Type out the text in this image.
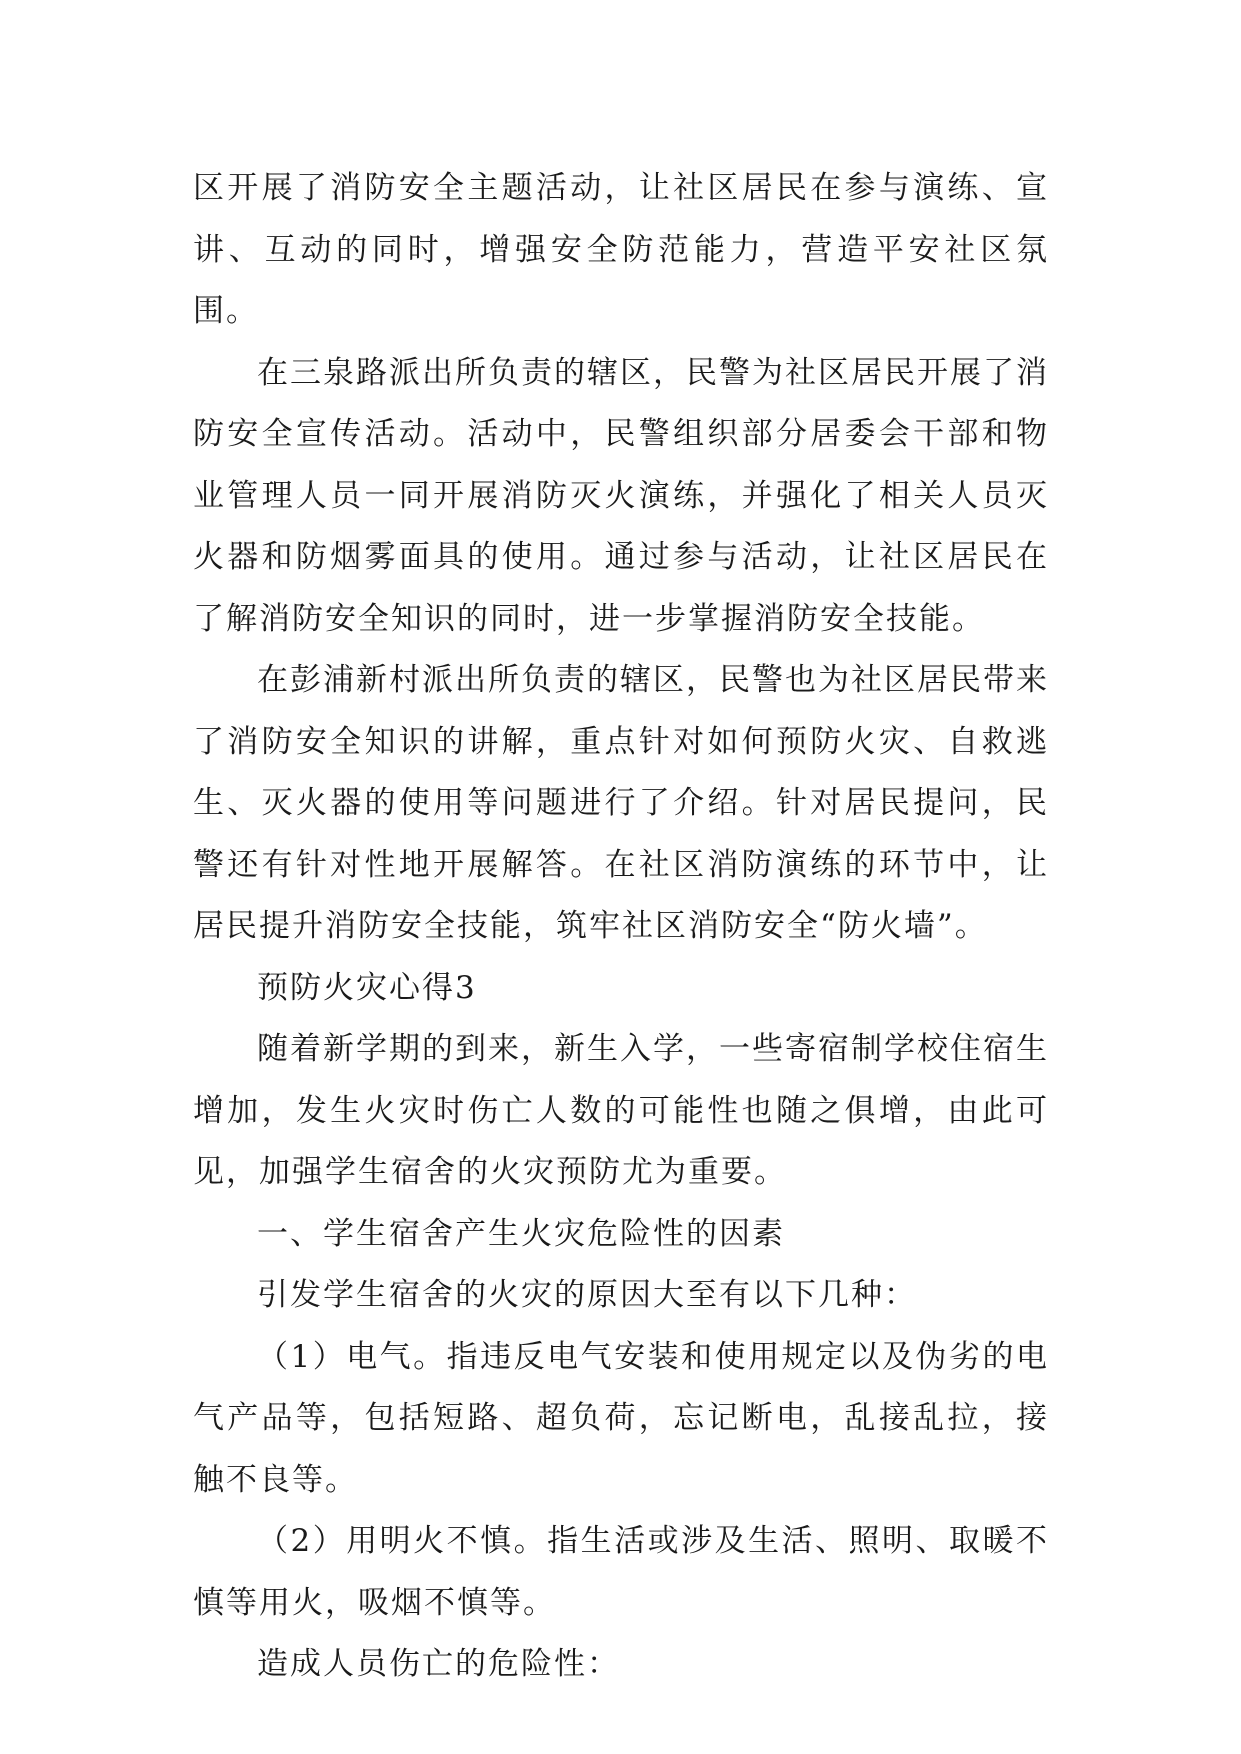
区开展了消防安全主题活动，让社区居民在参与演练、宣讲、互动的同时，增强安全防范能力，营造平安社区氛围。

在三泉路派出所负责的辖区，民警为社区居民开展了消防安全宣传活动。活动中，民警组织部分居委会干部和物业管理人员一同开展消防灭火演练，并强化了相关人员灭火器和防烟雾面具的使用。通过参与活动，让社区居民在了解消防安全知识的同时，进一步掌握消防安全技能。

在彭浦新村派出所负责的辖区，民警也为社区居民带来了消防安全知识的讲解，重点针对如何预防火灾、自救逃生、灭火器的使用等问题进行了介绍。针对居民提问，民警还有针对性地开展解答。在社区消防演练的环节中，让居民提升消防安全技能，筑牢社区消防安全“防火墙”。

预防火灾心得3

随着新学期的到来，新生入学，一些寄宿制学校住宿生增加，发生火灾时伤亡人数的可能性也随之俱增，由此可见，加强学生宿舍的火灾预防尤为重要。

一、学生宿舍产生火灾危险性的因素

引发学生宿舍的火灾的原因大至有以下几种：

（1）电气。指违反电气安装和使用规定以及伪劣的电气产品等，包括短路、超负荷，忘记断电，乱接乱拉，接触不良等。

（2）用明火不慎。指生活或涉及生活、照明、取暖不慎等用火，吸烟不慎等。

造成人员伤亡的危险性：
